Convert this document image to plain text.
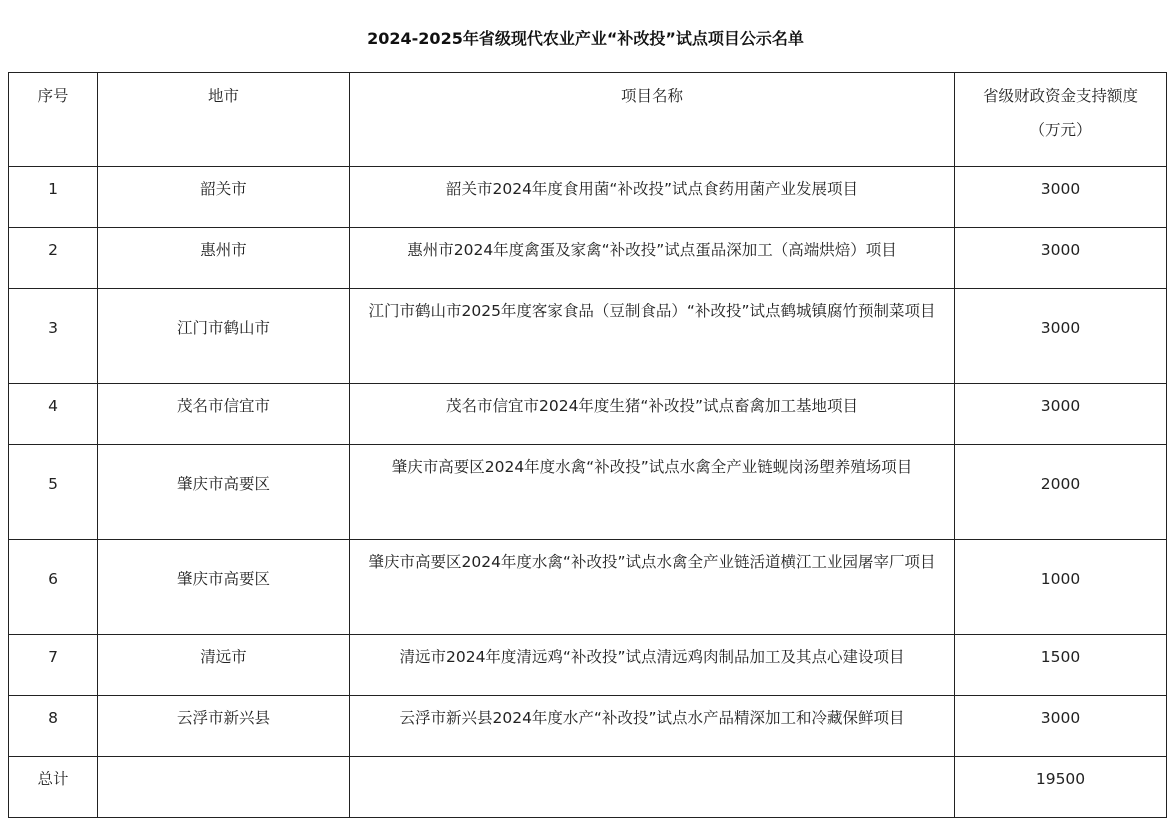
2024-2025年省级现代农业产业“补改投”试点项目公示名单
序号	地市	项目名称	省级财政资金支持额度
（万元）

1	韶关市	韶关市2024年度食用菌“补改投”试点食药用菌产业发展项目	3000
2	惠州市	惠州市2024年度禽蛋及家禽“补改投”试点蛋品深加工（高端烘焙）项目	3000
3	江门市鹤山市	江门市鹤山市2025年度客家食品（豆制食品）“补改投”试点鹤城镇腐竹预制菜项目	3000
4	茂名市信宜市	茂名市信宜市2024年度生猪“补改投”试点畜禽加工基地项目	3000
5	肇庆市高要区	肇庆市高要区2024年度水禽“补改投”试点水禽全产业链蚬岗汤塱养殖场项目	2000
6	肇庆市高要区	肇庆市高要区2024年度水禽“补改投”试点水禽全产业链活道横江工业园屠宰厂项目	1000
7	清远市	清远市2024年度清远鸡“补改投”试点清远鸡肉制品加工及其点心建设项目	1500
8	云浮市新兴县	云浮市新兴县2024年度水产“补改投”试点水产品精深加工和冷藏保鲜项目	3000
总计			19500
